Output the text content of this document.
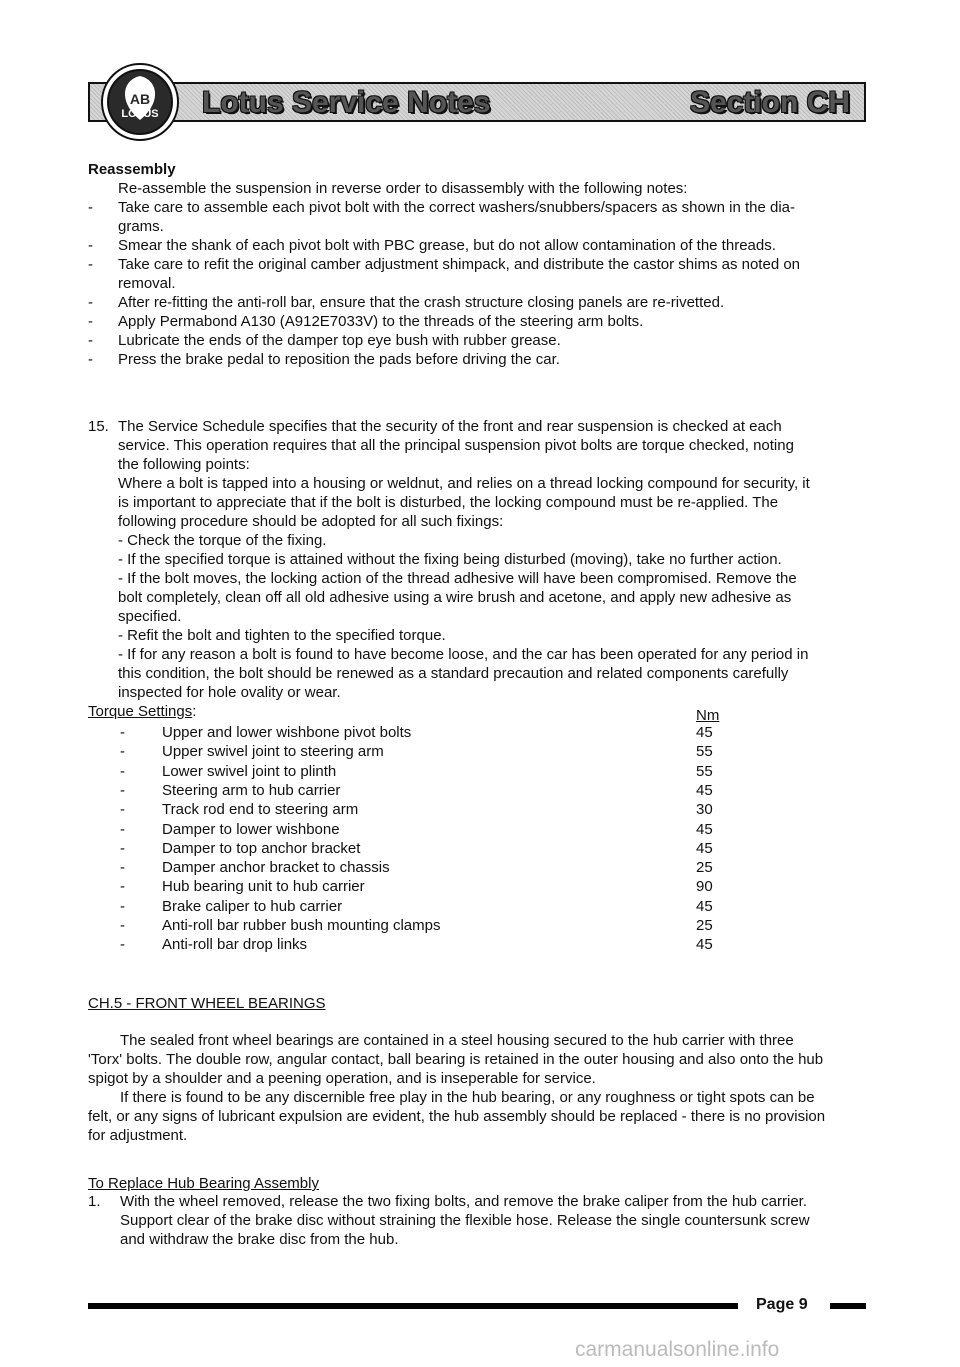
Lotus Service Notes	Section CH
AB
LOTUS
Reassembly
Re-assemble the suspension in reverse order to disassembly with the following notes:
- Take care to assemble each pivot bolt with the correct washers/snubbers/spacers as shown in the dia-
grams.
- Smear the shank of each pivot bolt with PBC grease, but do not allow contamination of the threads.
- Take care to refit the original camber adjustment shimpack, and distribute the castor shims as noted on
removal.
- After re-fitting the anti-roll bar, ensure that the crash structure closing panels are re-rivetted.
- Apply Permabond A130 (A912E7033V) to the threads of the steering arm bolts.
- Lubricate the ends of the damper top eye bush with rubber grease.
- Press the brake pedal to reposition the pads before driving the car.
15. The Service Schedule specifies that the security of the front and rear suspension is checked at each
service. This operation requires that all the principal suspension pivot bolts are torque checked, noting
the following points:
Where a bolt is tapped into a housing or weldnut, and relies on a thread locking compound for security, it
is important to appreciate that if the bolt is disturbed, the locking compound must be re-applied. The
following procedure should be adopted for all such fixings:
- Check the torque of the fixing.
- If the specified torque is attained without the fixing being disturbed (moving), take no further action.
- If the bolt moves, the locking action of the thread adhesive will have been compromised. Remove the
bolt completely, clean off all old adhesive using a wire brush and acetone, and apply new adhesive as
specified.
- Refit the bolt and tighten to the specified torque.
- If for any reason a bolt is found to have become loose, and the car has been operated for any period in
this condition, the bolt should be renewed as a standard precaution and related components carefully
inspected for hole ovality or wear.
Torque Settings:	Nm
- Upper and lower wishbone pivot bolts	45
- Upper swivel joint to steering arm	55
- Lower swivel joint to plinth	55
- Steering arm to hub carrier	45
- Track rod end to steering arm	30
- Damper to lower wishbone	45
- Damper to top anchor bracket	45
- Damper anchor bracket to chassis	25
- Hub bearing unit to hub carrier	90
- Brake caliper to hub carrier	45
- Anti-roll bar rubber bush mounting clamps	25
- Anti-roll bar drop links	45
CH.5 - FRONT WHEEL BEARINGS
The sealed front wheel bearings are contained in a steel housing secured to the hub carrier with three
'Torx' bolts. The double row, angular contact, ball bearing is retained in the outer housing and also onto the hub
spigot by a shoulder and a peening operation, and is inseperable for service.
If there is found to be any discernible free play in the hub bearing, or any roughness or tight spots can be
felt, or any signs of lubricant expulsion are evident, the hub assembly should be replaced - there is no provision
for adjustment.
To Replace Hub Bearing Assembly
1. With the wheel removed, release the two fixing bolts, and remove the brake caliper from the hub carrier.
Support clear of the brake disc without straining the flexible hose. Release the single countersunk screw
and withdraw the brake disc from the hub.
Page 9
carmanualsonline.info
